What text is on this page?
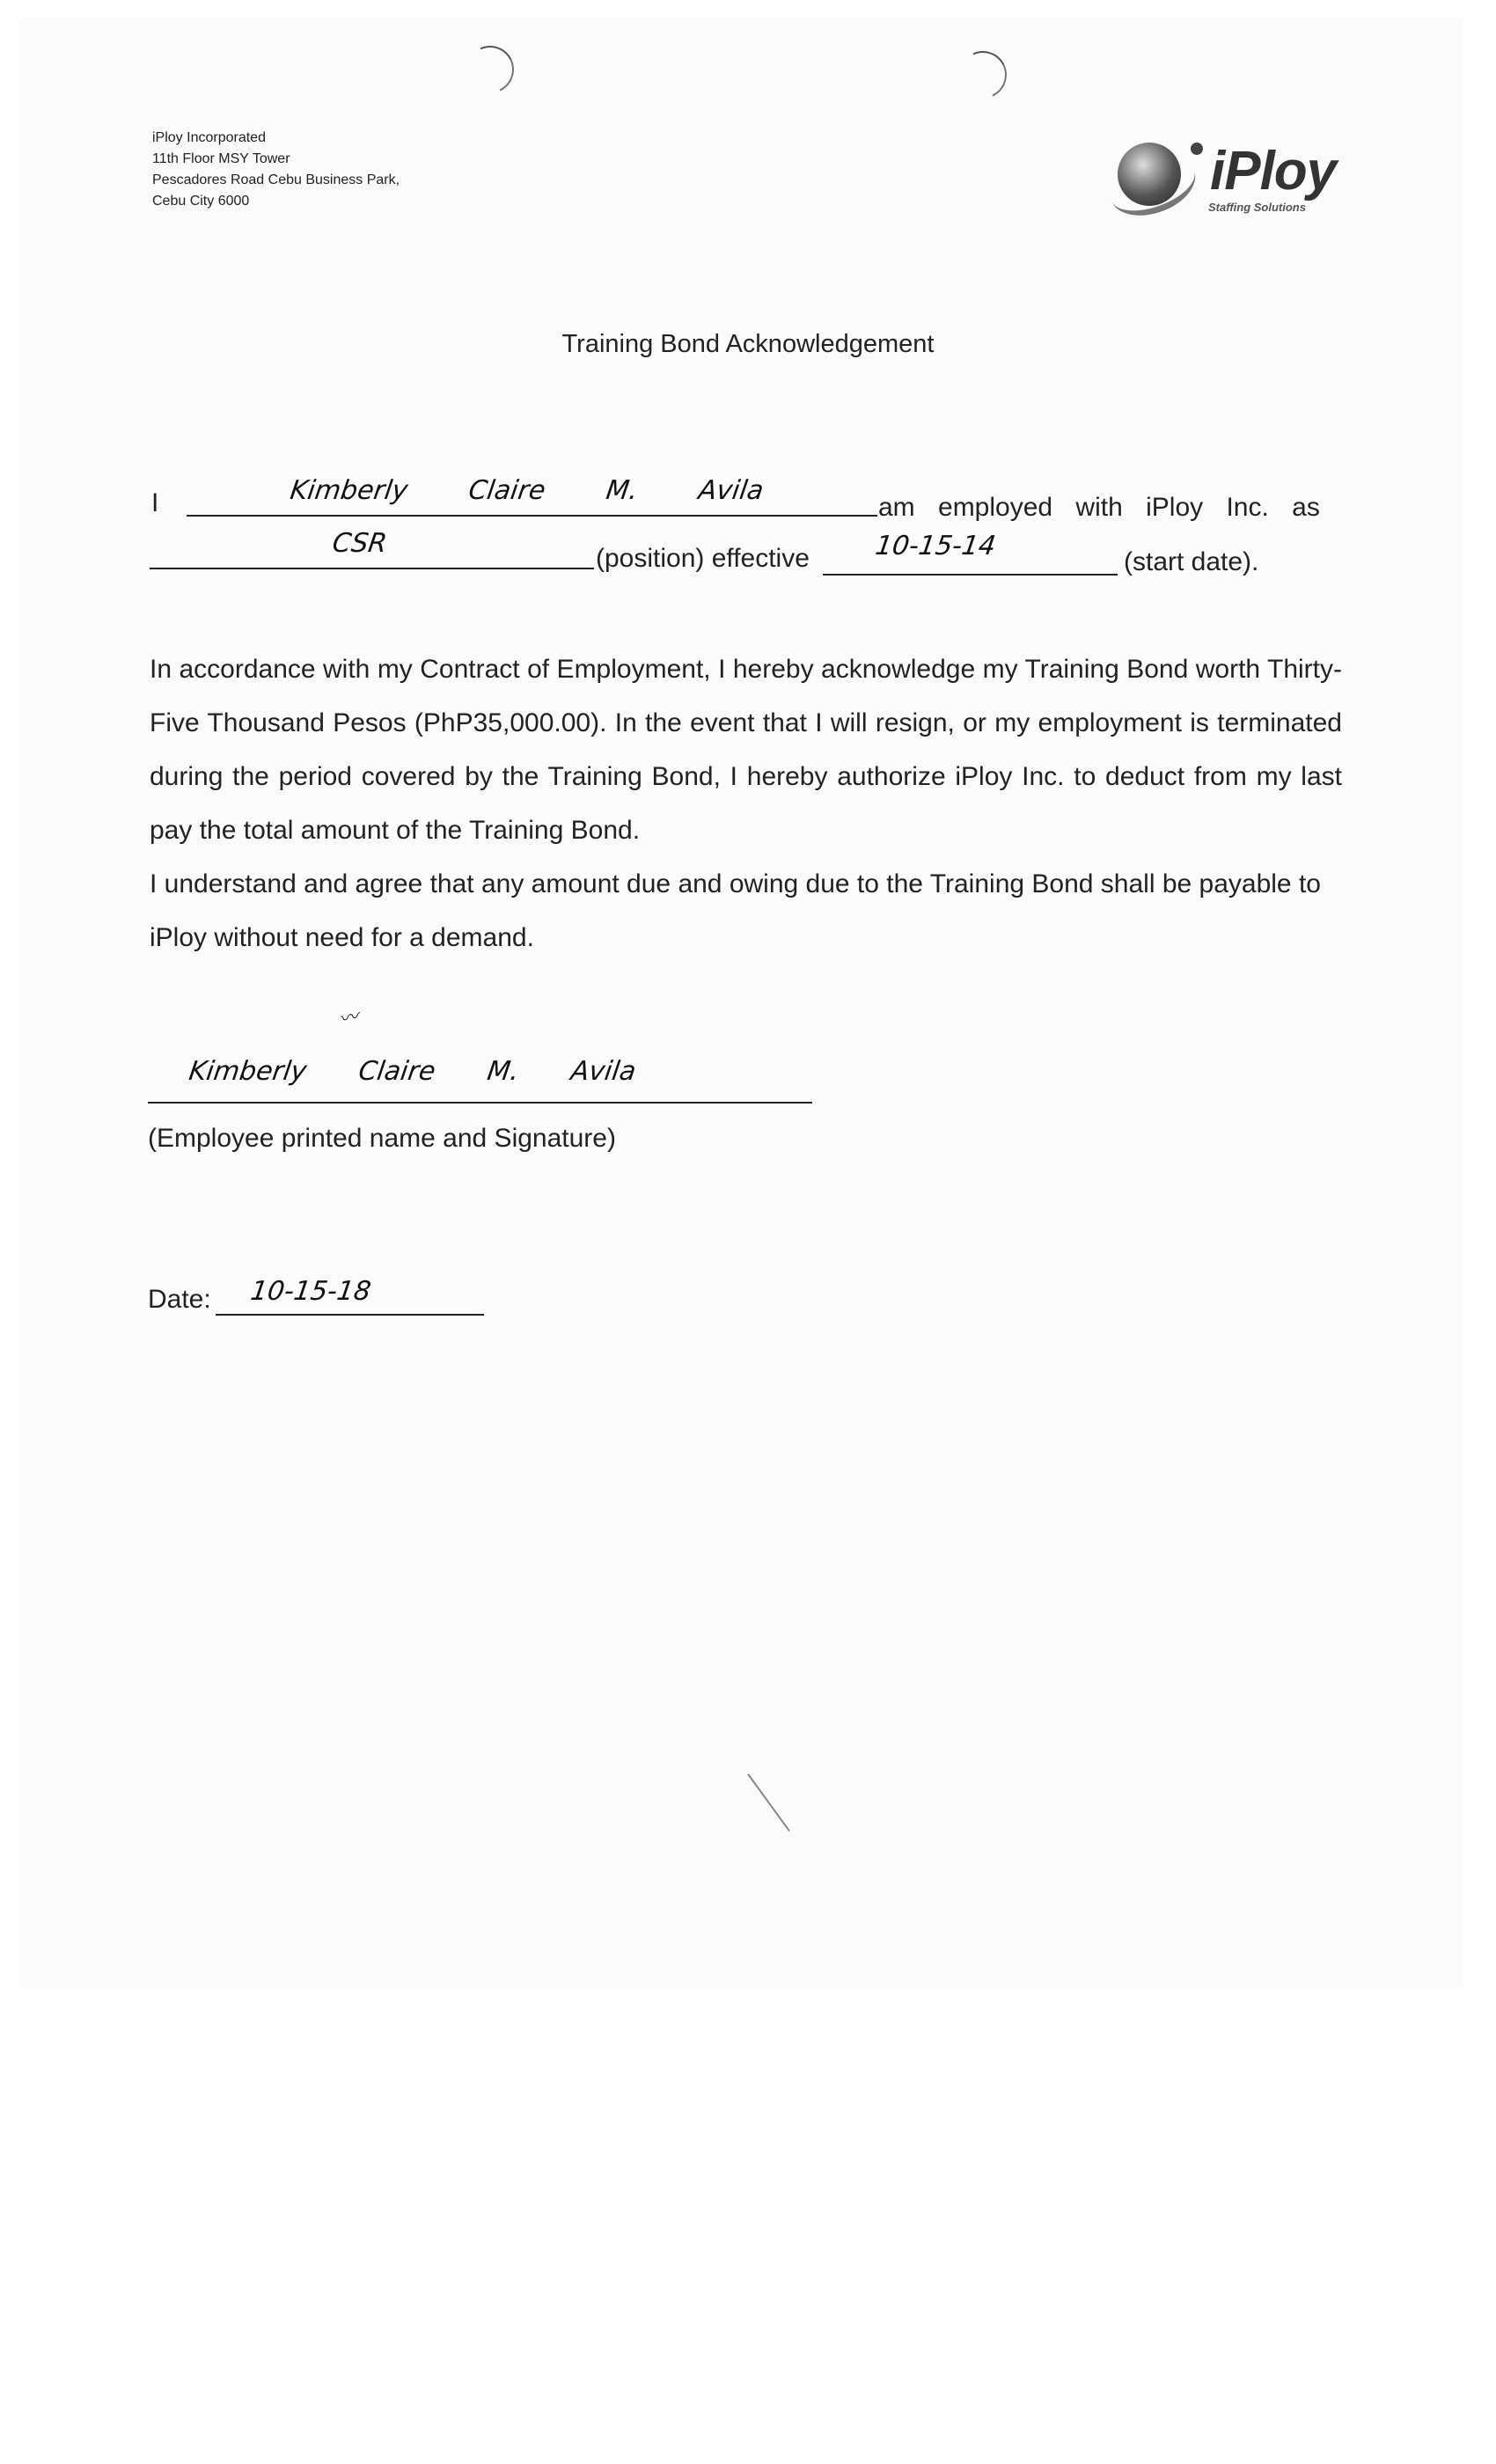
iPloy Incorporated
11th Floor MSY Tower
Pescadores Road Cebu Business Park,
Cebu City 6000	iPloy
Staffing Solutions
Training Bond Acknowledgement
I	Kimberly Claire M. Avila
am employed with iPloy Inc. as
CSR	(position) effective 10-15-14
(start date).
In accordance with my Contract of Employment, I hereby acknowledge my Training Bond worth Thirty-Five Thousand Pesos (PhP35,000.00). In the event that I will resign, or my employment is terminated during the period covered by the Training Bond, I hereby authorize iPloy Inc. to deduct from my last pay the total amount of the Training Bond.
I understand and agree that any amount due and owing due to the Training Bond shall be payable to iPloy without need for a demand.
〰
Kimberly Claire M. Avila
(Employee printed name and Signature)
Date: 10-15-18
